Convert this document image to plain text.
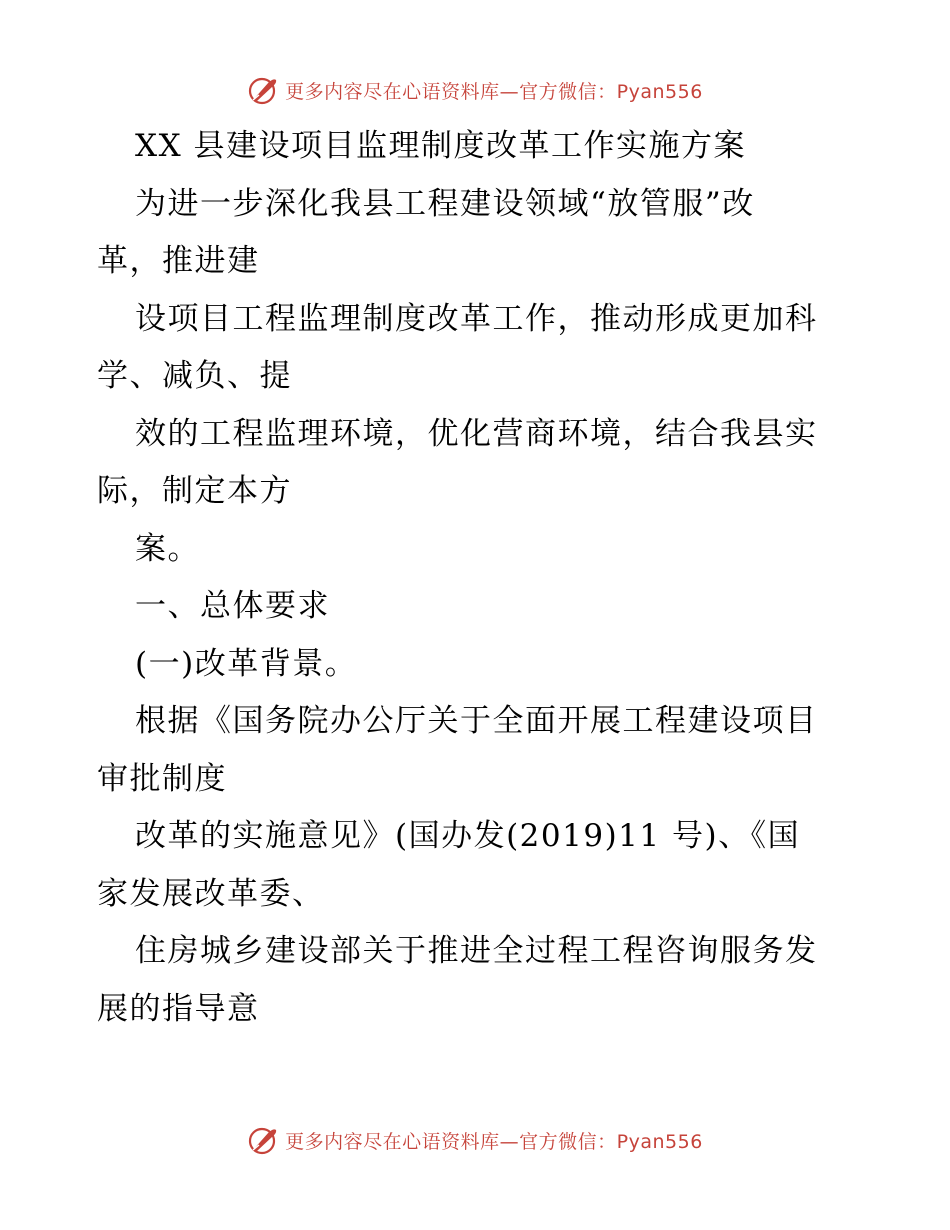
更多内容尽在心语资料库—官方微信：Pyan556
XX 县建设项目监理制度改革工作实施方案
为进一步深化我县工程建设领域“放管服”改
革，推进建
设项目工程监理制度改革工作，推动形成更加科
学、减负、提
效的工程监理环境，优化营商环境，结合我县实
际，制定本方
案。
一、总体要求
(一)改革背景。
根据《国务院办公厅关于全面开展工程建设项目
审批制度
改革的实施意见》(国办发(2019)11 号)、《国
家发展改革委、
住房城乡建设部关于推进全过程工程咨询服务发
展的指导意
更多内容尽在心语资料库—官方微信：Pyan556
